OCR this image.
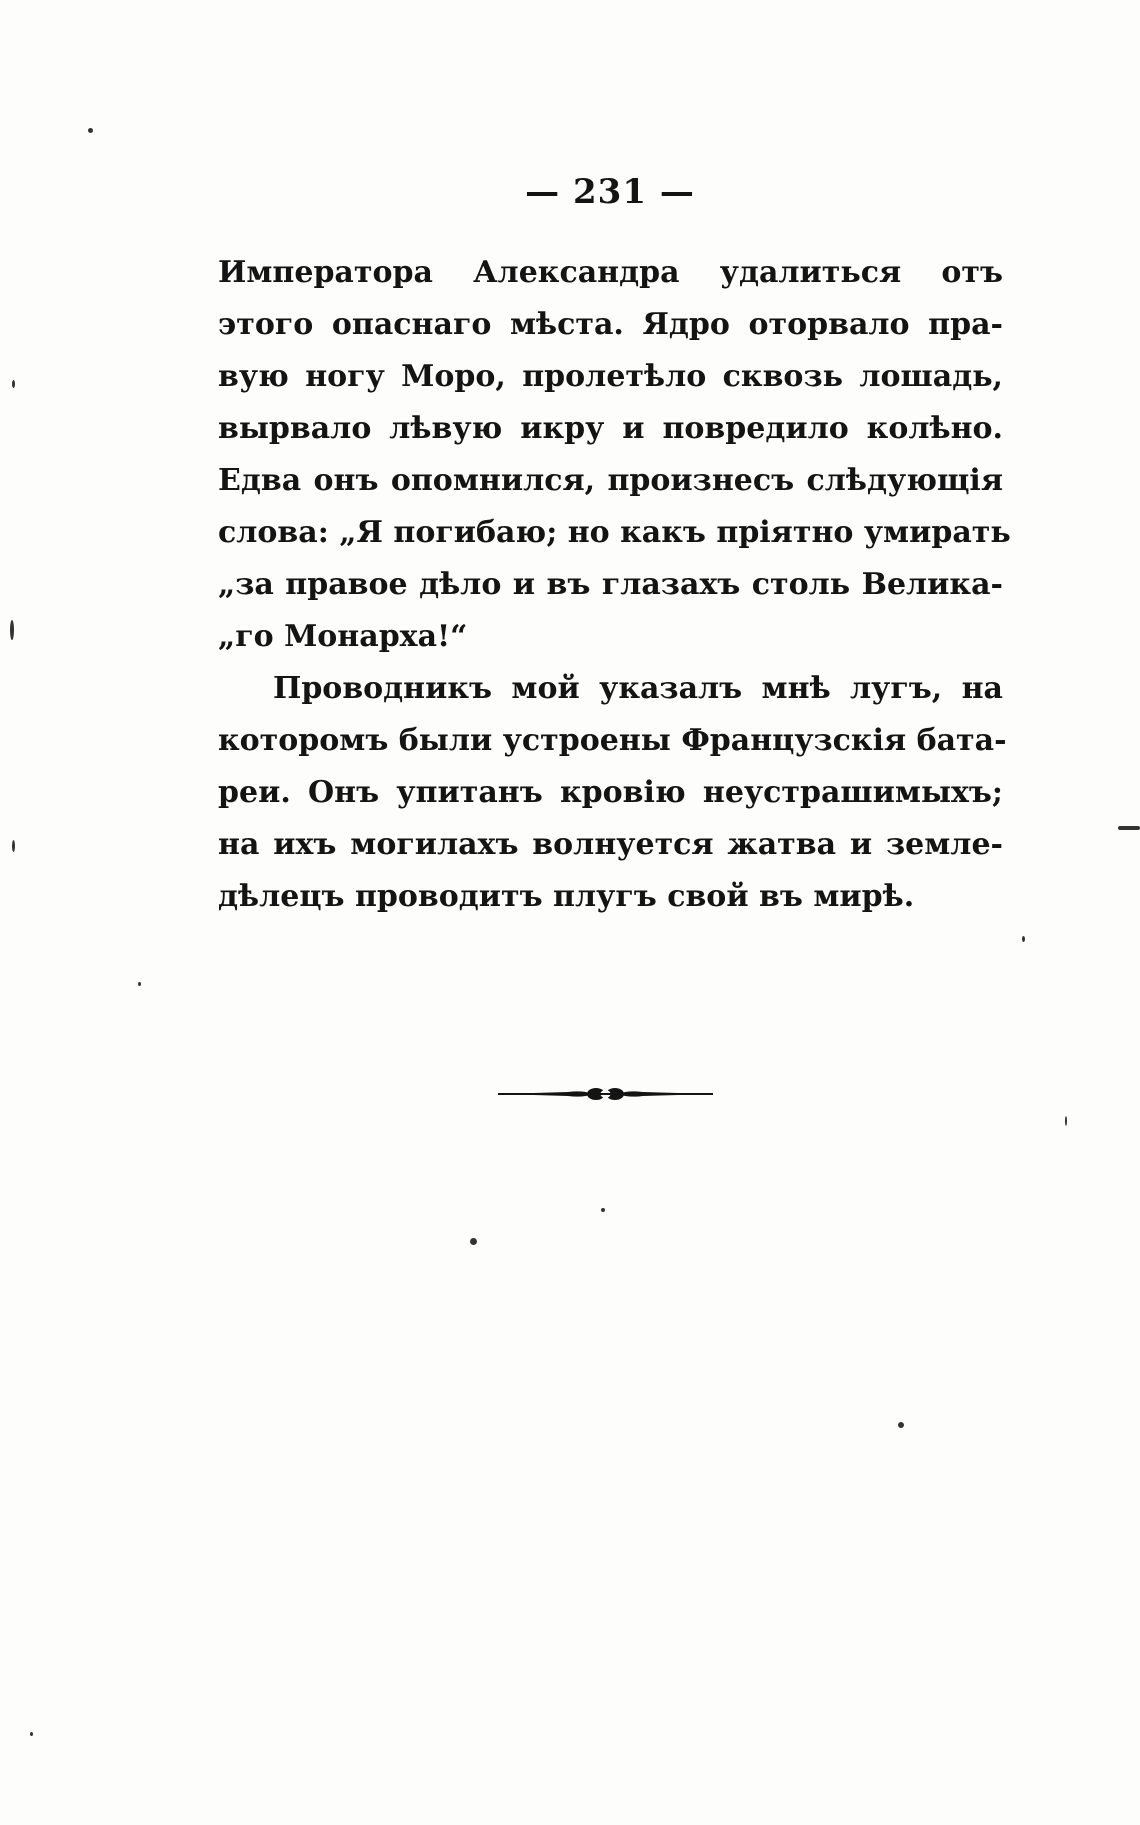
— 231 —
Императора Александра удалиться отъ
этого опаснаго мѣста. Ядро оторвало пра-
вую ногу Моро, пролетѣло сквозь лошадь,
вырвало лѣвую икру и повредило колѣно.
Едва онъ опомнился, произнесъ слѣдующія
слова: „Я погибаю; но какъ пріятно умирать
„за правое дѣло и въ глазахъ столь Велика-
„го Монарха!“
Проводникъ мой указалъ мнѣ лугъ, на
которомъ были устроены Французскія бата-
реи. Онъ упитанъ кровію неустрашимыхъ;
на ихъ могилахъ волнуется жатва и земле-
дѣлецъ проводитъ плугъ свой въ мирѣ.
